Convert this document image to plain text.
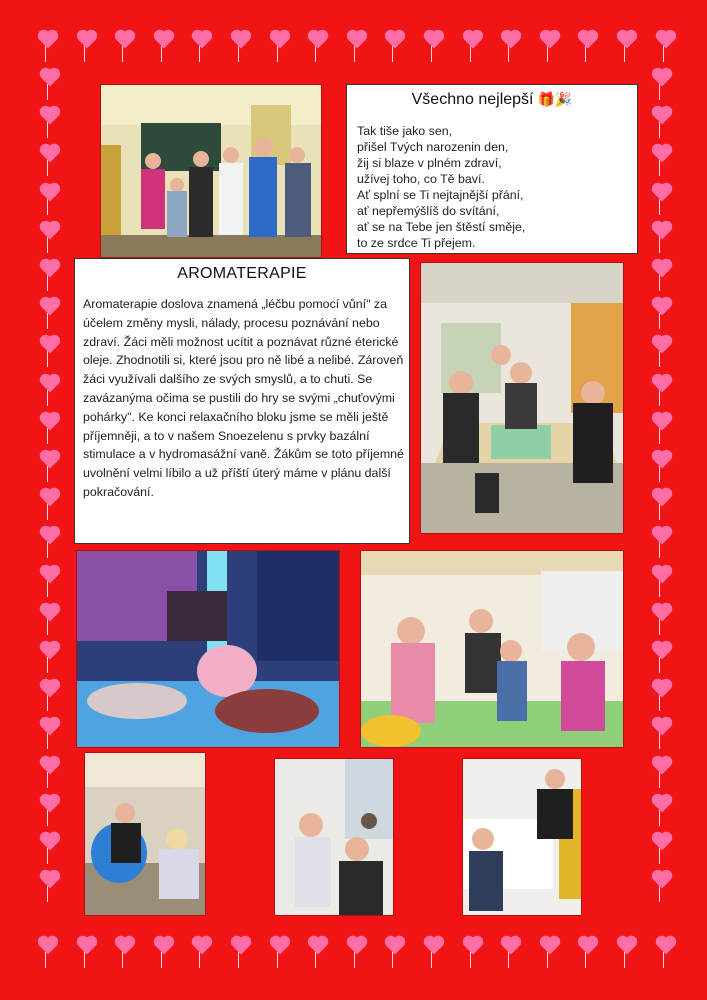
Všechno nejlepší 🎁🎉
Tak tiše jako sen,
přišel Tvých narozenin den,
žij si blaze v plném zdraví,
užívej toho, co Tě baví.
Ať splní se Ti nejtajnější přání,
ať nepřemýšlíš do svítání,
ať se na Tebe jen štěstí směje,
to ze srdce Ti přejem.
AROMATERAPIE
Aromaterapie doslova znamená „léčbu pomocí vůní" za účelem změny mysli, nálady, procesu poznávání nebo zdraví. Žáci měli možnost ucítit a poznávat různé éterické oleje. Zhodnotili si, které jsou pro ně libé a nelibé. Zároveň žáci využívali dalšího ze svých smyslů, a to chuti. Se zavázanýma očima se pustili do hry se svými „chuťovými pohárky". Ke konci relaxačního bloku jsme se měli ještě příjemněji, a to v našem Snoezelenu s prvky bazální stimulace a v hydromasážní vaně. Žákům se toto příjemné uvolnění velmi líbilo a už příští úterý máme v plánu další pokračování.
